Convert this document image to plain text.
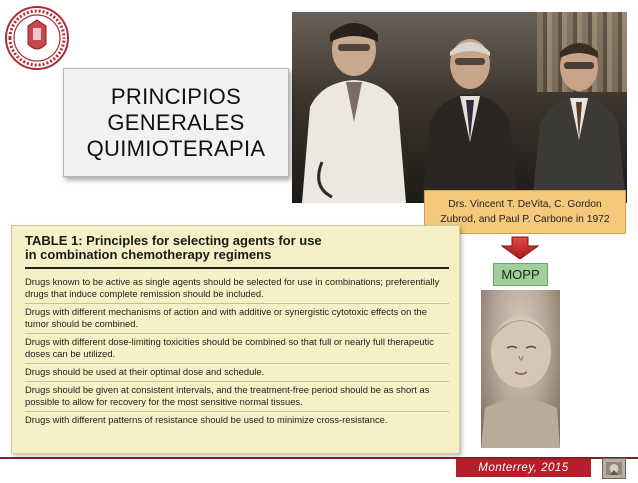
PRINCIPIOS
GENERALES
QUIMIOTERAPIA
Drs. Vincent T. DeVita, C. Gordon
Zubrod, and Paul P. Carbone in 1972
MOPP
TABLE 1: Principles for selecting agents for use
in combination chemotherapy regimens
Drugs known to be active as single agents should be selected for use in combinations; preferentially drugs that induce complete remission should be included.
Drugs with different mechanisms of action and with additive or synergistic cytotoxic effects on the tumor should be combined.
Drugs with different dose-limiting toxicities should be combined so that full or nearly full therapeutic doses can be utilized.
Drugs should be used at their optimal dose and schedule.
Drugs should be given at consistent intervals, and the treatment-free period should be as short as possible to allow for recovery for the most sensitive normal tissues.
Drugs with different patterns of resistance should be used to minimize cross-resistance.
Monterrey, 2015
